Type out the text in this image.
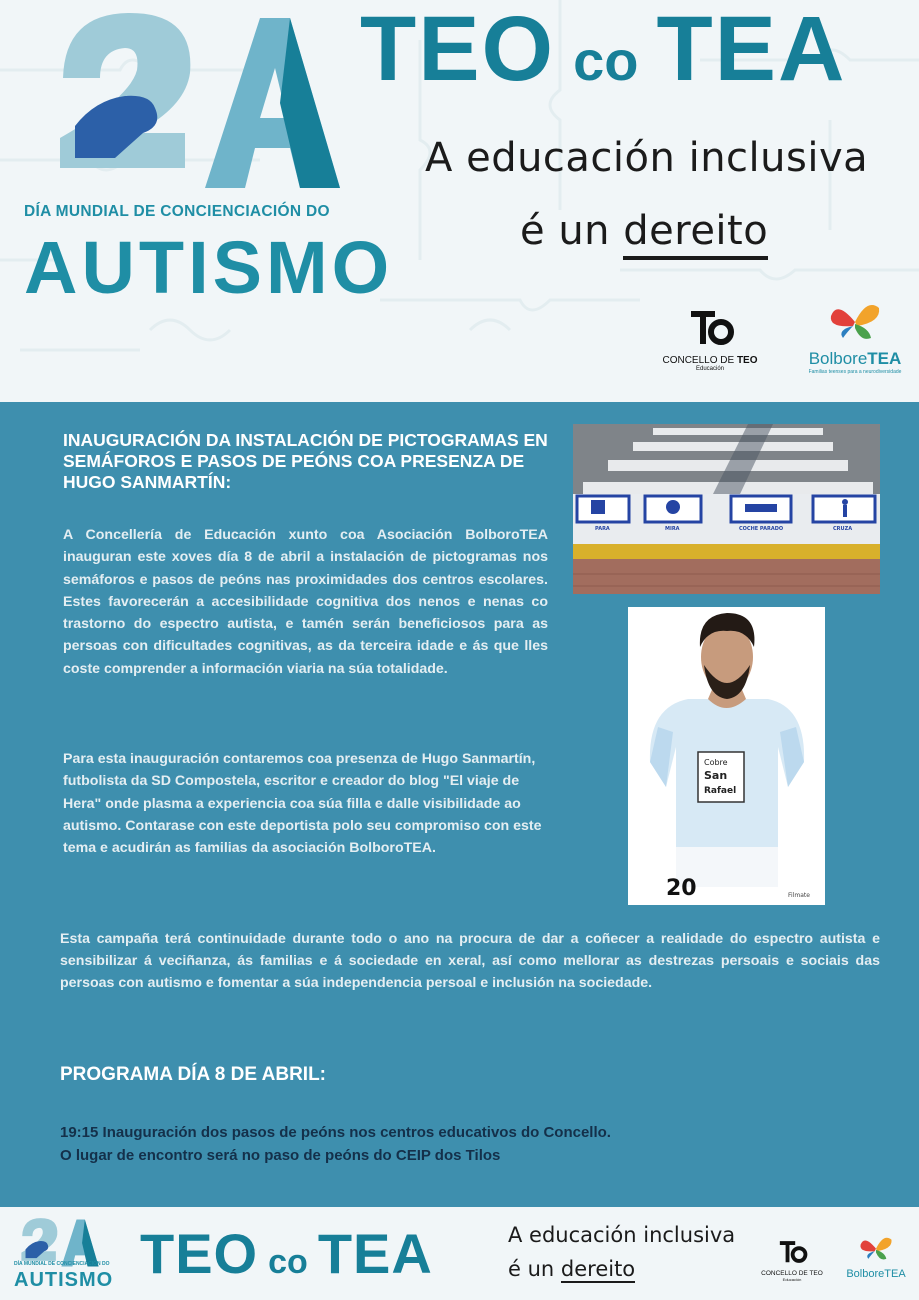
DÍA MUNDIAL DE CONCIENCIACIÓN DO
AUTISMO
TEO co TEA
A educación inclusiva
é un dereito
CONCELLO DE TEO
Educación
BolboreTEA
Familias teenses para a neurodiversidade
INAUGURACIÓN DA INSTALACIÓN DE PICTOGRAMAS EN SEMÁFOROS E PASOS DE PEÓNS COA PRESENZA DE HUGO SANMARTÍN:
A Concellería de Educación xunto coa Asociación BolboroTEA inauguran este xoves día 8 de abril a instalación de pictogramas nos semáforos e pasos de peóns nas proximidades dos centros escolares. Estes favorecerán a accesibilidade cognitiva dos nenos e nenas co trastorno do espectro autista, e tamén serán beneficiosos para as persoas con dificultades cognitivas, as da terceira idade e ás que lles coste comprender a información viaria na súa totalidade.
Para esta inauguración contaremos coa presenza de Hugo Sanmartín, futbolista da SD Compostela, escritor e creador do blog "El viaje de Hera" onde plasma a experiencia coa súa filla e dalle visibilidade ao autismo. Contarase con este deportista polo seu compromiso con este tema e acudirán as familias da asociación BolboroTEA.
PARA	MIRA	COCHE PARADO	CRUZA
Cobre
San
Rafael
20	Filmate
Esta campaña terá continuidade durante todo o ano na procura de dar a coñecer a realidade do espectro autista e sensibilizar á veciñanza, ás familias e á sociedade en xeral, así como mellorar as destrezas persoais e sociais das persoas con autismo e fomentar a súa independencia persoal e inclusión na sociedade.
PROGRAMA DÍA 8 DE ABRIL:
19:15 Inauguración dos pasos de peóns nos centros educativos do Concello.
O lugar de encontro será no paso de peóns do CEIP dos Tilos
DÍA MUNDIAL DE CONCIENCIACIÓN DO
AUTISMO TEO co TEA	A educación inclusiva
é un dereito	CONCELLO DE TEO
Educación	BolboreTEA
